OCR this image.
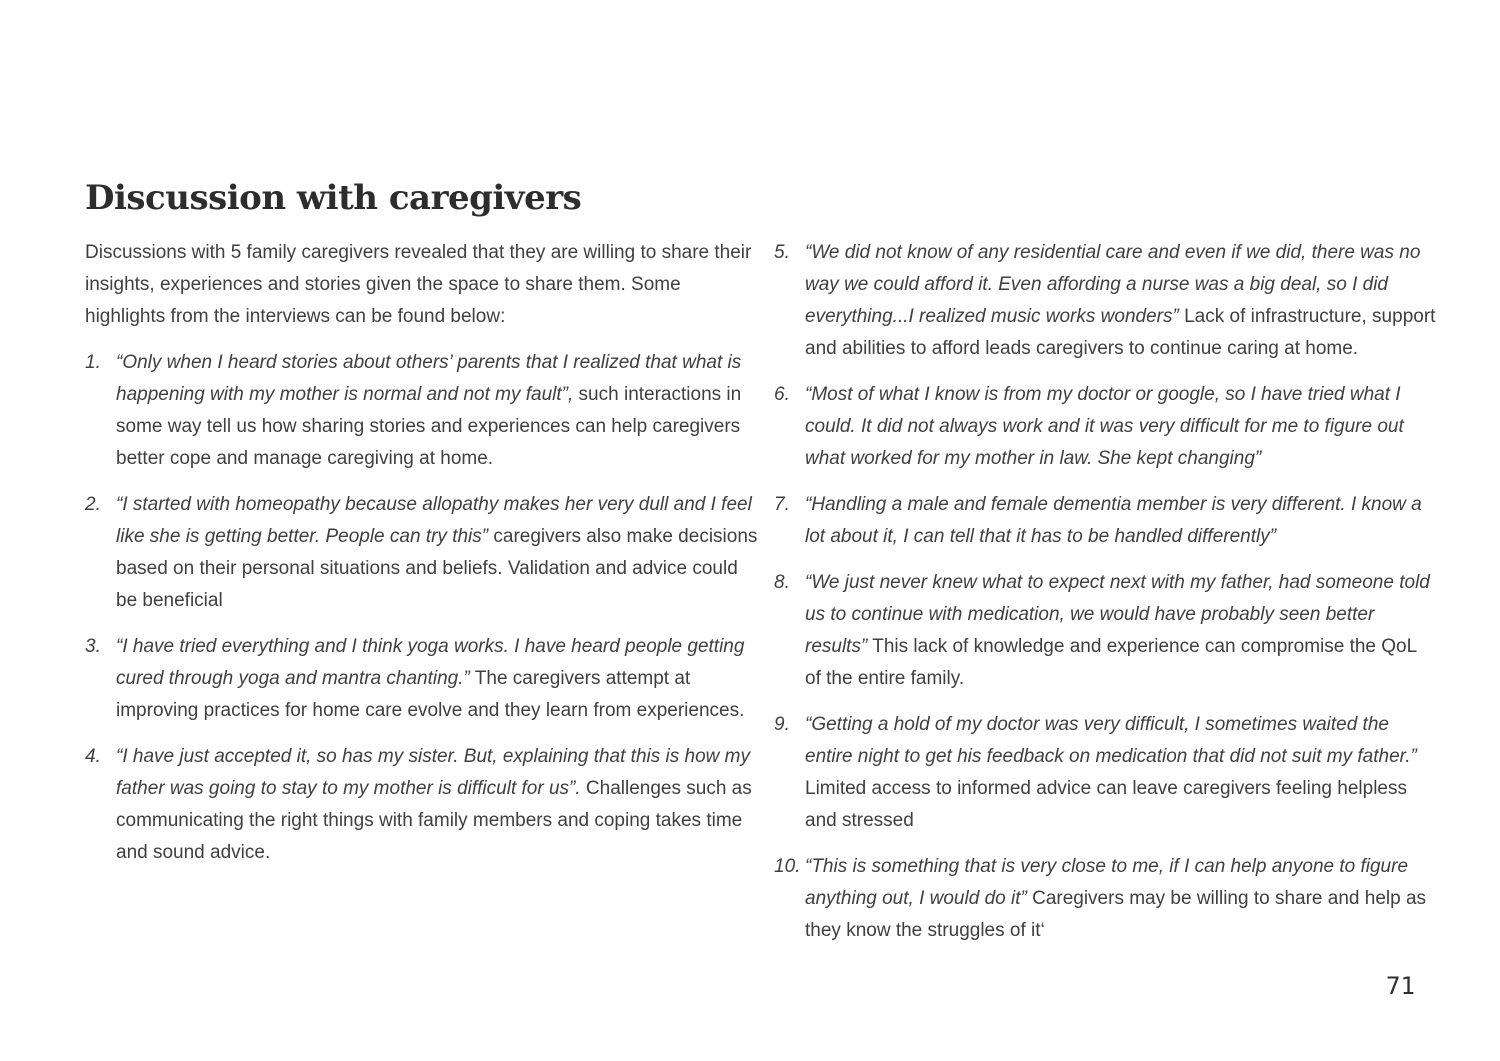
Discussion with caregivers

Discussions with 5 family caregivers revealed that they are willing to share their insights, experiences and stories given the space to share them. Some highlights from the interviews can be found below:

1. “Only when I heard stories about others’ parents that I realized that what is happening with my mother is normal and not my fault”, such interactions in some way tell us how sharing stories and experiences can help caregivers better cope and manage caregiving at home.

2. “I started with homeopathy because allopathy makes her very dull and I feel like she is getting better. People can try this” caregivers also make decisions based on their personal situations and beliefs. Validation and advice could be beneficial

3. “I have tried everything and I think yoga works. I have heard people getting cured through yoga and mantra chanting.” The caregivers attempt at improving practices for home care evolve and they learn from experiences.

4. “I have just accepted it, so has my sister. But, explaining that this is how my father was going to stay to my mother is difficult for us”. Challenges such as communicating the right things with family members and coping takes time and sound advice.

5. “We did not know of any residential care and even if we did, there was no way we could afford it. Even affording a nurse was a big deal, so I did everything...I realized music works wonders” Lack of infrastructure, support and abilities to afford leads caregivers to continue caring at home.

6. “Most of what I know is from my doctor or google, so I have tried what I could. It did not always work and it was very difficult for me to figure out what worked for my mother in law. She kept changing”

7. “Handling a male and female dementia member is very different. I know a lot about it, I can tell that it has to be handled differently”

8. “We just never knew what to expect next with my father, had someone told us to continue with medication, we would have probably seen better results” This lack of knowledge and experience can compromise the QoL of the entire family.

9. “Getting a hold of my doctor was very difficult, I sometimes waited the entire night to get his feedback on medication that did not suit my father.” Limited access to informed advice can leave caregivers feeling helpless and stressed

10. “This is something that is very close to me, if I can help anyone to figure anything out, I would do it” Caregivers may be willing to share and help as they know the struggles of it‘

71
